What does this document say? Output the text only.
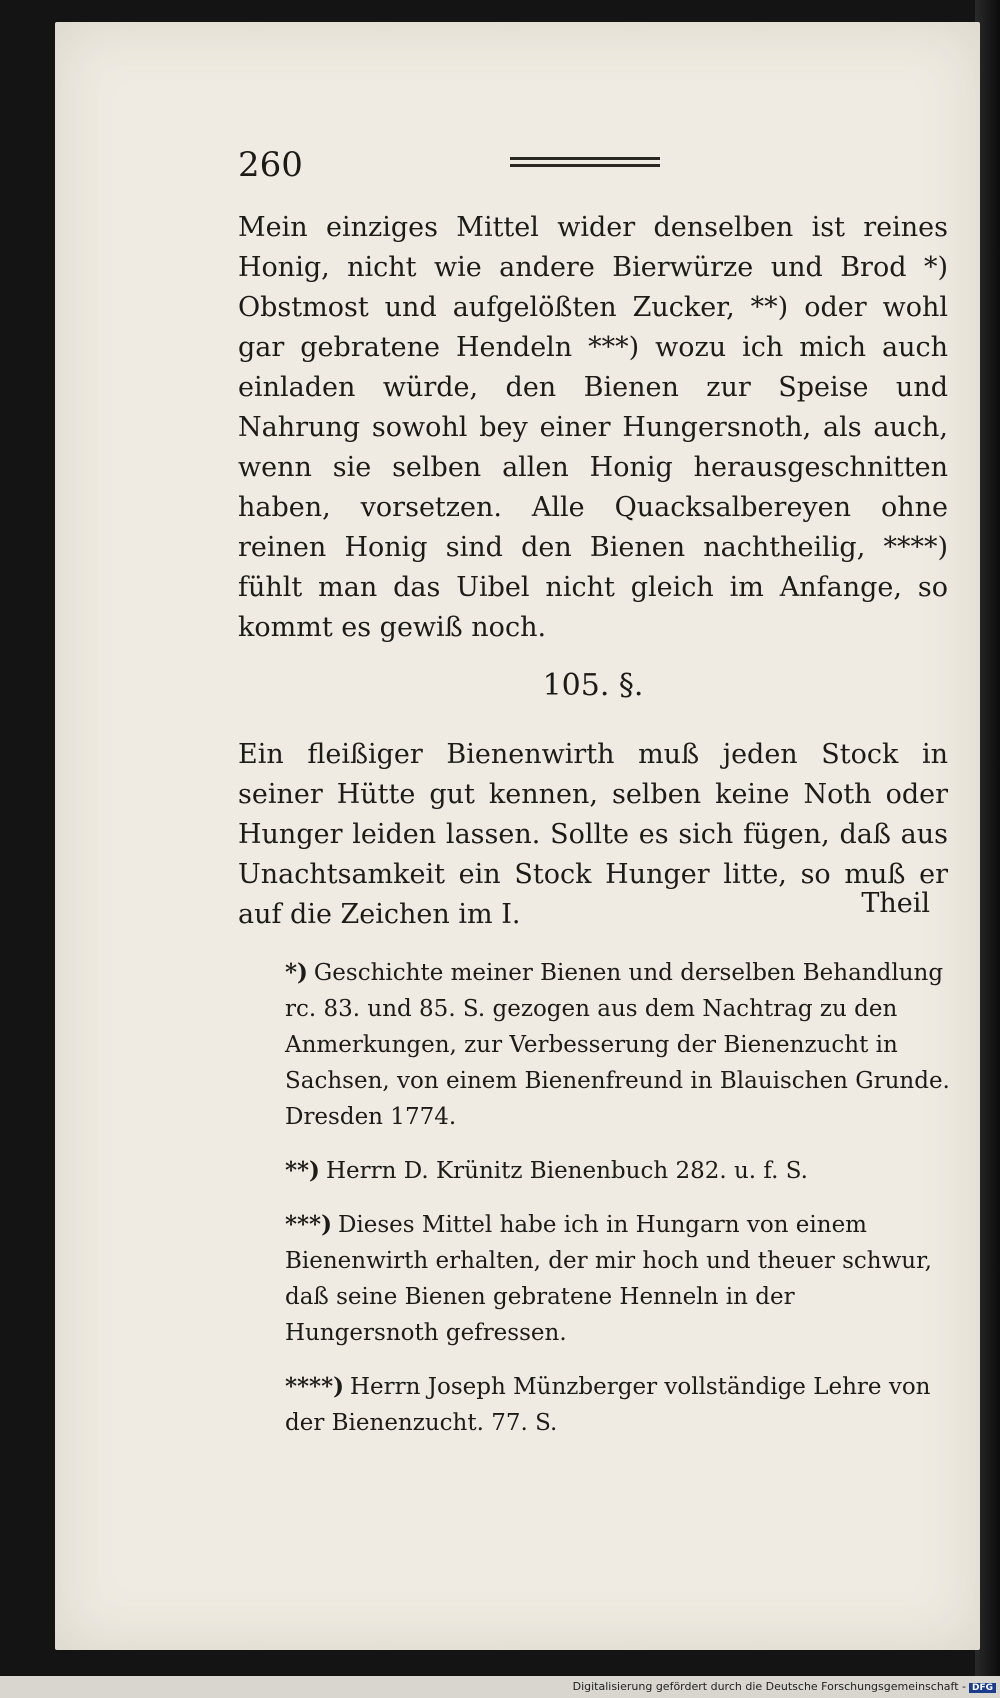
260
Mein einziges Mittel wider denselben ist reines Honig, nicht wie andere Bierwürze und Brod *) Obstmost und aufgelößten Zucker, **) oder wohl gar gebratene Hendeln ***) wozu ich mich auch einladen würde, den Bienen zur Speise und Nahrung sowohl bey einer Hungersnoth, als auch, wenn sie selben allen Honig herausgeschnitten haben, vorsetzen. Alle Quacksalbereyen ohne reinen Honig sind den Bienen nachtheilig, ****) fühlt man das Uibel nicht gleich im Anfange, so kommt es gewiß noch.
105. §.
Ein fleißiger Bienenwirth muß jeden Stock in seiner Hütte gut kennen, selben keine Noth oder Hunger leiden lassen. Sollte es sich fügen, daß aus Unachtsamkeit ein Stock Hunger litte, so muß er auf die Zeichen im I.	Theil
*) Geschichte meiner Bienen und derselben Behandlung rc. 83. und 85. S. gezogen aus dem Nachtrag zu den Anmerkungen, zur Verbesserung der Bienenzucht in Sachsen, von einem Bienenfreund in Blauischen Grunde. Dresden 1774.
**) Herrn D. Krünitz Bienenbuch 282. u. f. S.
***) Dieses Mittel habe ich in Hungarn von einem Bienenwirth erhalten, der mir hoch und theuer schwur, daß seine Bienen gebratene Henneln in der Hungersnoth gefressen.
****) Herrn Joseph Münzberger vollständige Lehre von der Bienenzucht. 77. S.
Digitalisierung gefördert durch die Deutsche Forschungsgemeinschaft - DFG
